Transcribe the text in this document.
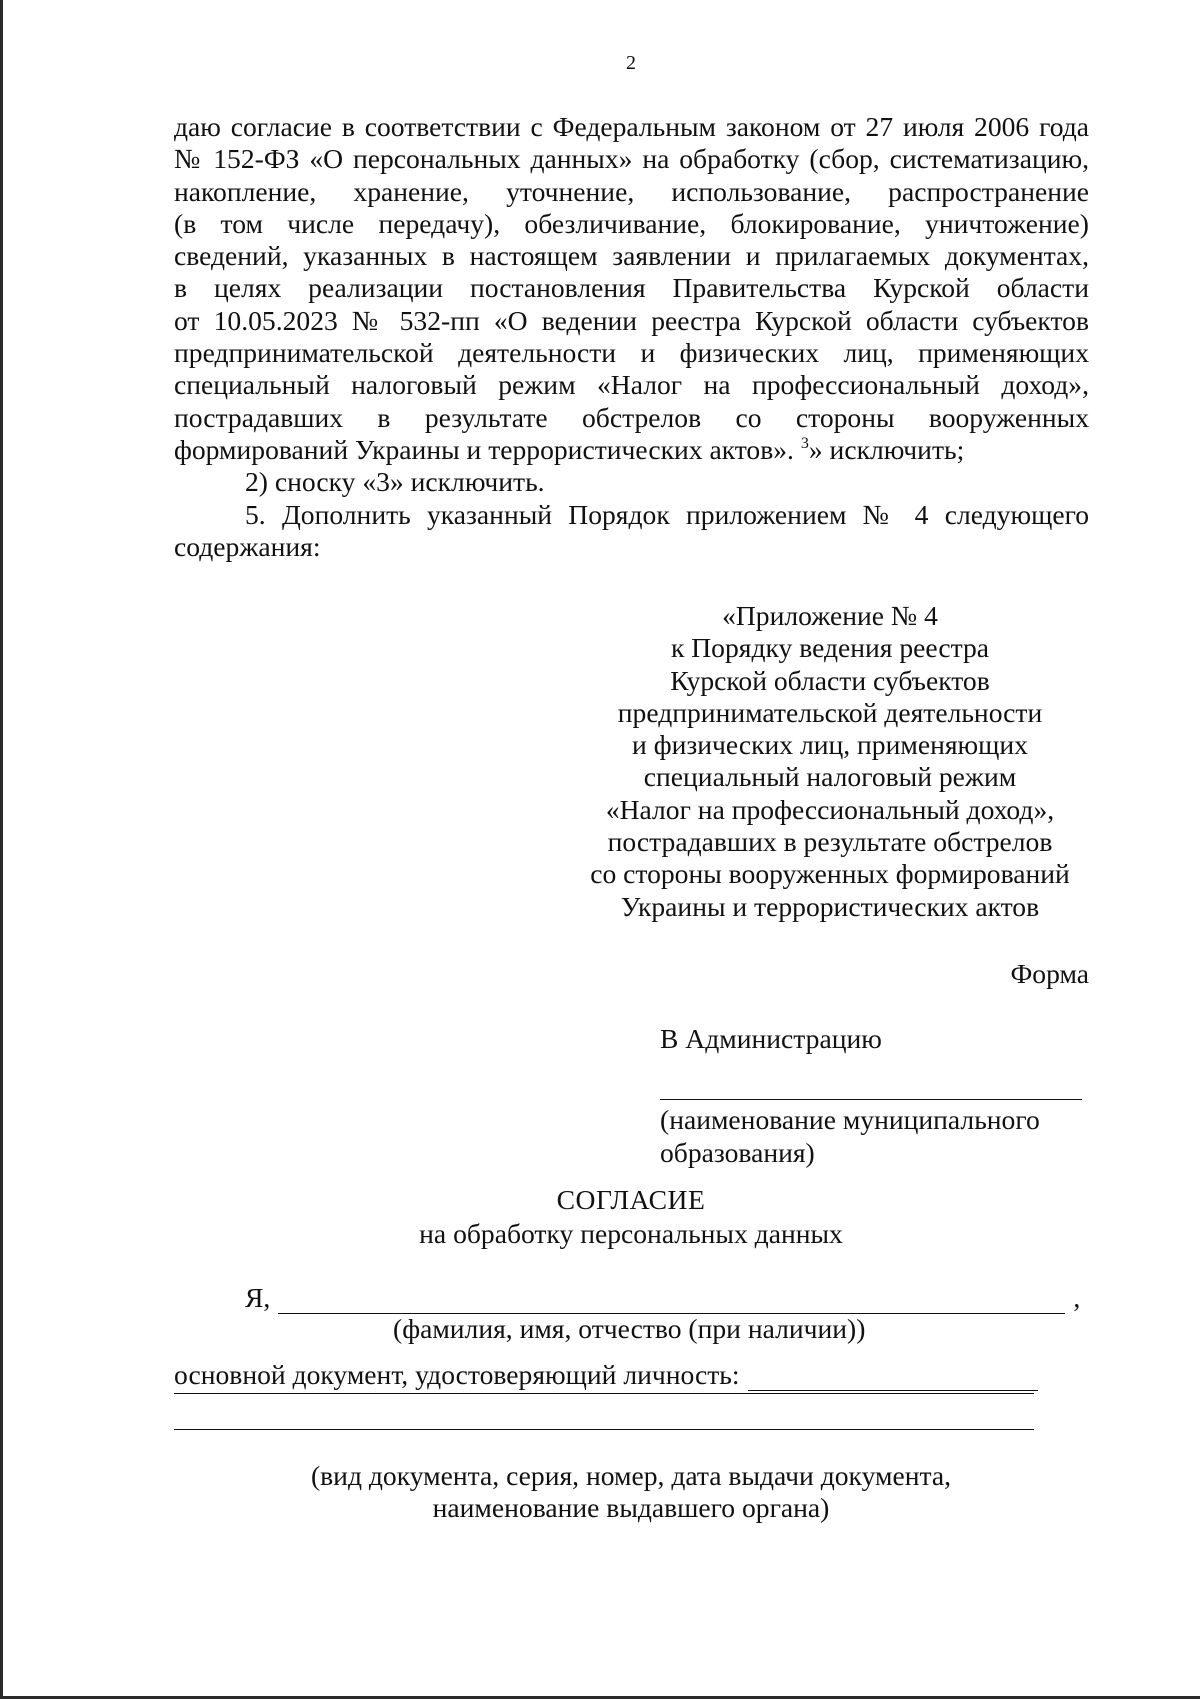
2
даю согласие в соответствии с Федеральным законом от 27 июля 2006 года
№ 152-ФЗ «О персональных данных» на обработку (сбор, систематизацию,
накопление, хранение, уточнение, использование, распространение
(в том числе передачу), обезличивание, блокирование, уничтожение)
сведений, указанных в настоящем заявлении и прилагаемых документах,
в целях реализации постановления Правительства Курской области
от 10.05.2023 № 532-пп «О ведении реестра Курской области субъектов
предпринимательской деятельности и физических лиц, применяющих
специальный налоговый режим «Налог на профессиональный доход»,
пострадавших в результате обстрелов со стороны вооруженных
формирований Украины и террористических актов». $^3$» исключить;
2) сноску «3» исключить.
5. Дополнить указанный Порядок приложением № 4 следующего
содержания:
«Приложение № 4
к Порядку ведения реестра
Курской области субъектов
предпринимательской деятельности
и физических лиц, применяющих
специальный налоговый режим
«Налог на профессиональный доход»,
пострадавших в результате обстрелов
со стороны вооруженных формирований
Украины и террористических актов
Форма
В Администрацию
(наименование муниципального
образования)
СОГЛАСИЕ
на обработку персональных данных
Я,	,
(фамилия, имя, отчество (при наличии))
основной документ, удостоверяющий личность:
(вид документа, серия, номер, дата выдачи документа,
наименование выдавшего органа)
